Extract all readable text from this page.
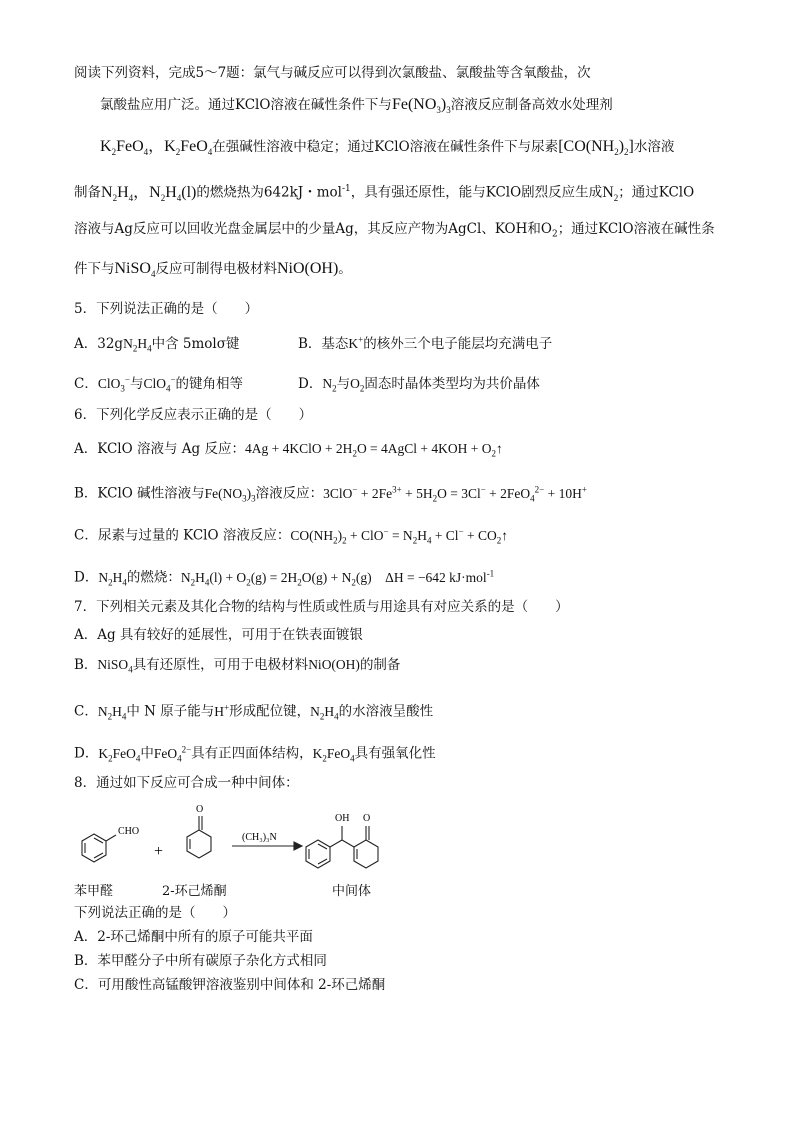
阅读下列资料，完成5～7题：氯气与碱反应可以得到次氯酸盐、氯酸盐等含氧酸盐，次
氯酸盐应用广泛。通过KClO溶液在碱性条件下与$Fe(NO_3)_3$溶液反应制备高效水处理剂
$K_2FeO_4$，$K_2FeO_4$在强碱性溶液中稳定；通过KClO溶液在碱性条件下与尿素$[CO(NH_2)_2]$水溶液
制备$N_2H_4$，$N_2H_4(l)$的燃烧热为642kJ・mol$^{-1}$，具有强还原性，能与KClO剧烈反应生成$N_2$；通过KClO
溶液与Ag反应可以回收光盘金属层中的少量Ag，其反应产物为AgCl、KOH和$O_2$；通过KClO溶液在碱性条
件下与NiSO$_4$反应可制得电极材料NiO(OH)。
5．下列说法正确的是（　　）
A．$32gN_2H_4$中含 5molσ键	B．基态K+的核外三个电子能层均充满电子
C．ClO$_3$−与ClO$_4$−的键角相等	D．$N_2$与$O_2$固态时晶体类型均为共价晶体
6．下列化学反应表示正确的是（　　）
A．KClO 溶液与 Ag 反应：4Ag + 4KClO + $2H_2O$ = 4AgCl + $4KOH + O_2↑$
B．KClO 碱性溶液与$Fe(NO_3)_3$溶液反应：$3ClO^- + 2Fe^{3+} + 5H_2O = 3Cl^- + 2FeO_4^{2-} + 10H^+$
C．尿素与过量的 KClO 溶液反应：$CO(NH_2)_2 + ClO^- = N_2H_4 + Cl^-$ + $CO_2↑$
D．$N_2H_4$的燃烧：$N_2H_4(l) + O_2(g) = 2H_2O(g) + N_2(g)$　ΔH = −642 kJ·mol$^{-1}$
7．下列相关元素及其化合物的结构与性质或性质与用途具有对应关系的是（　　）
A．Ag 具有较好的延展性，可用于在铁表面镀银
B．NiSO$_4$具有还原性，可用于电极材料NiO(OH)的制备
C．$N_2H_4$中 N 原子能与H+形成配位键，$N_2H_4$的水溶液呈酸性
D．$K_2FeO_4$中FeO$_4^{2-}$具有正四面体结构，$K_2FeO_4$具有强氧化性
8．通过如下反应可合成一种中间体：
CHO
+
O
(CH₃)₃N
OH O
苯甲醛	2-环己烯酮	中间体
下列说法正确的是（　　）
A．2-环己烯酮中所有的原子可能共平面
B．苯甲醛分子中所有碳原子杂化方式相同
C．可用酸性高锰酸钾溶液鉴别中间体和 2-环己烯酮
